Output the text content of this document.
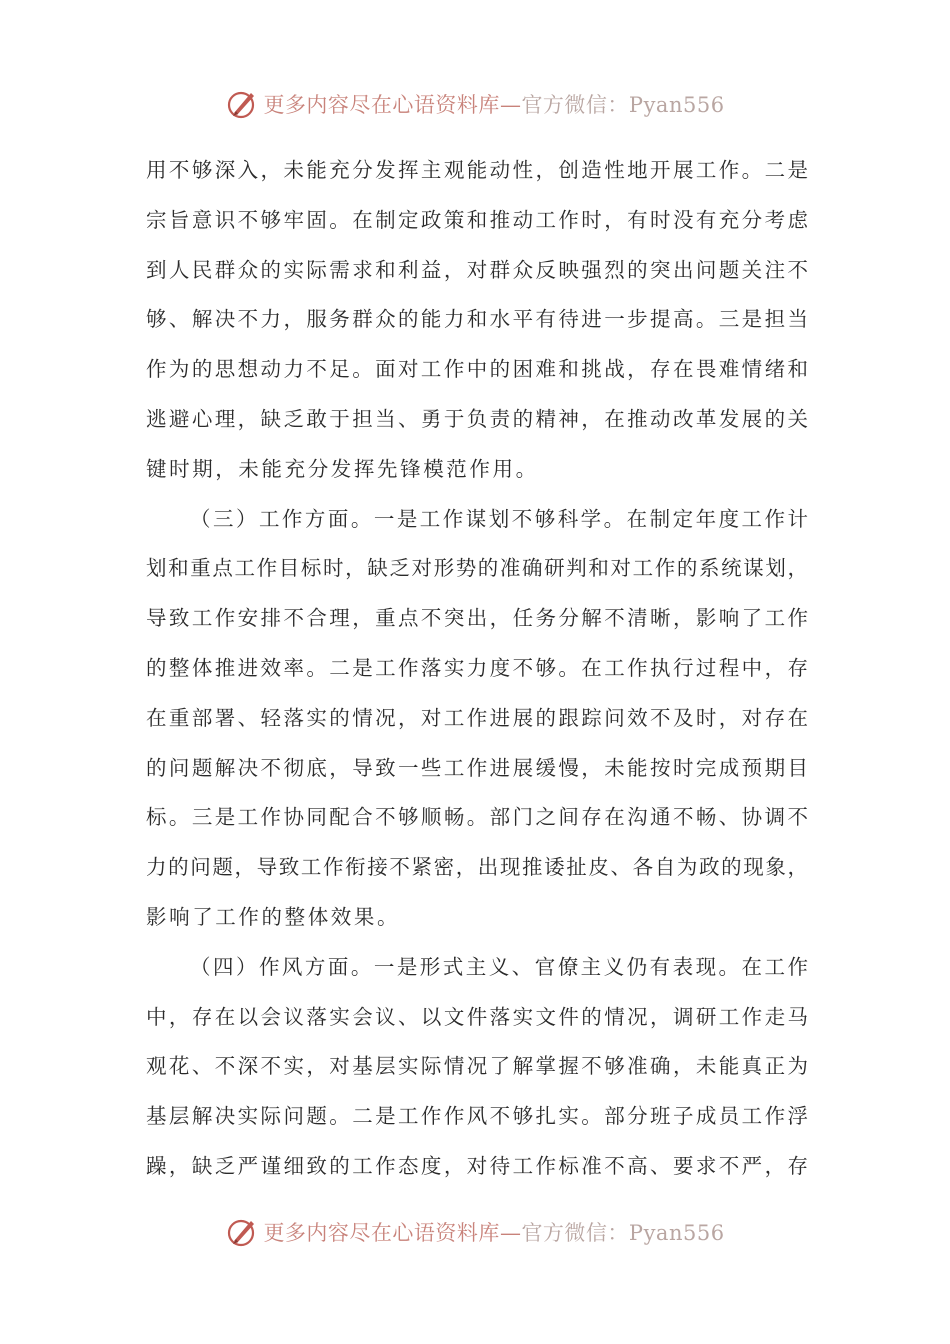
更多内容尽在心语资料库—官方微信：Pyan556
用不够深入，未能充分发挥主观能动性，创造性地开展工作。二是
宗旨意识不够牢固。在制定政策和推动工作时，有时没有充分考虑
到人民群众的实际需求和利益，对群众反映强烈的突出问题关注不
够、解决不力，服务群众的能力和水平有待进一步提高。三是担当
作为的思想动力不足。面对工作中的困难和挑战，存在畏难情绪和
逃避心理，缺乏敢于担当、勇于负责的精神，在推动改革发展的关
键时期，未能充分发挥先锋模范作用。
（三）工作方面。一是工作谋划不够科学。在制定年度工作计
划和重点工作目标时，缺乏对形势的准确研判和对工作的系统谋划，
导致工作安排不合理，重点不突出，任务分解不清晰，影响了工作
的整体推进效率。二是工作落实力度不够。在工作执行过程中，存
在重部署、轻落实的情况，对工作进展的跟踪问效不及时，对存在
的问题解决不彻底，导致一些工作进展缓慢，未能按时完成预期目
标。三是工作协同配合不够顺畅。部门之间存在沟通不畅、协调不
力的问题，导致工作衔接不紧密，出现推诿扯皮、各自为政的现象，
影响了工作的整体效果。
（四）作风方面。一是形式主义、官僚主义仍有表现。在工作
中，存在以会议落实会议、以文件落实文件的情况，调研工作走马
观花、不深不实，对基层实际情况了解掌握不够准确，未能真正为
基层解决实际问题。二是工作作风不够扎实。部分班子成员工作浮
躁，缺乏严谨细致的工作态度，对待工作标准不高、要求不严，存
更多内容尽在心语资料库—官方微信：Pyan556
